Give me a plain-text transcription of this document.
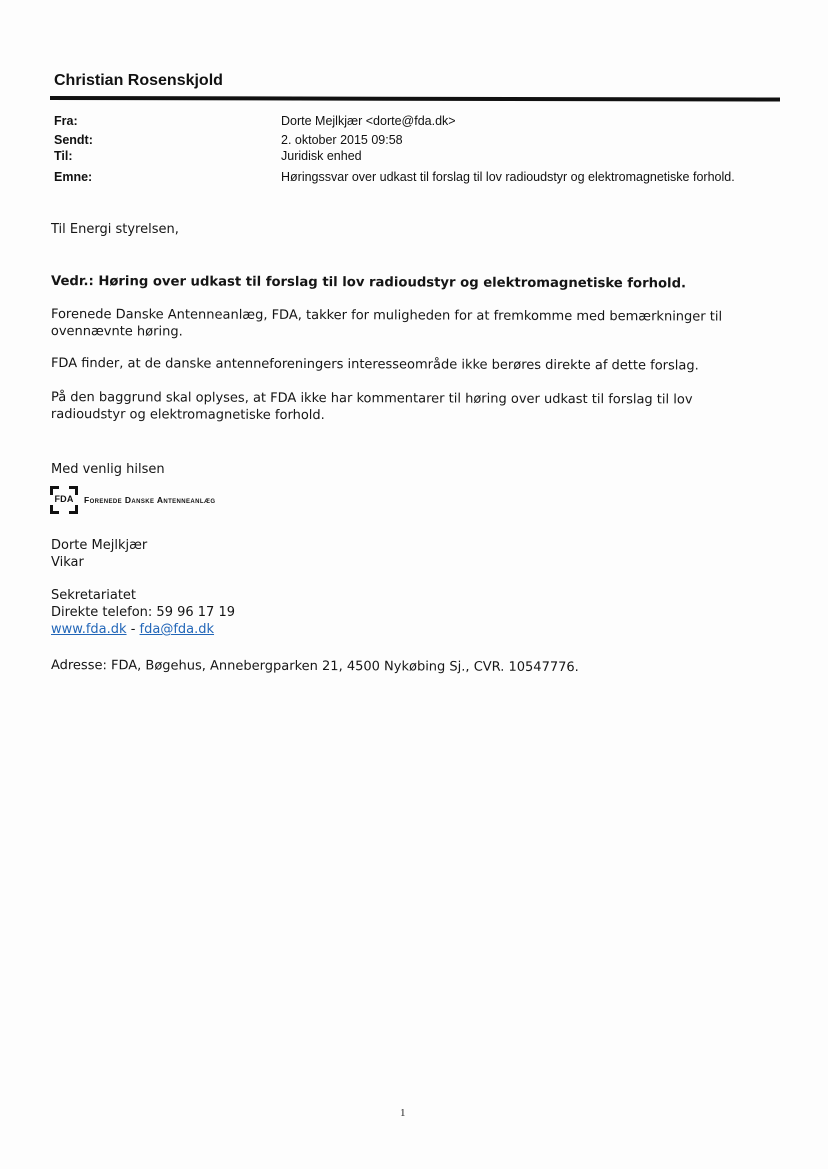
Christian Rosenskjold
Fra:	Dorte Mejlkjær <dorte@fda.dk>
Sendt:	2. oktober 2015 09:58
Til:	Juridisk enhed
Emne:	Høringssvar over udkast til forslag til lov radioudstyr og elektromagnetiske forhold.
Til Energi styrelsen,
Vedr.: Høring over udkast til forslag til lov radioudstyr og elektromagnetiske forhold.
Forenede Danske Antenneanlæg, FDA, takker for muligheden for at fremkomme med bemærkninger til
ovennævnte høring.
FDA finder, at de danske antenneforeningers interesseområde ikke berøres direkte af dette forslag.
På den baggrund skal oplyses, at FDA ikke har kommentarer til høring over udkast til forslag til lov
radioudstyr og elektromagnetiske forhold.
Med venlig hilsen
FDA	Forenede Danske Antenneanlæg
Dorte Mejlkjær
Vikar
Sekretariatet
Direkte telefon: 59 96 17 19
www.fda.dk - fda@fda.dk
Adresse: FDA, Bøgehus, Annebergparken 21, 4500 Nykøbing Sj., CVR. 10547776.
1
